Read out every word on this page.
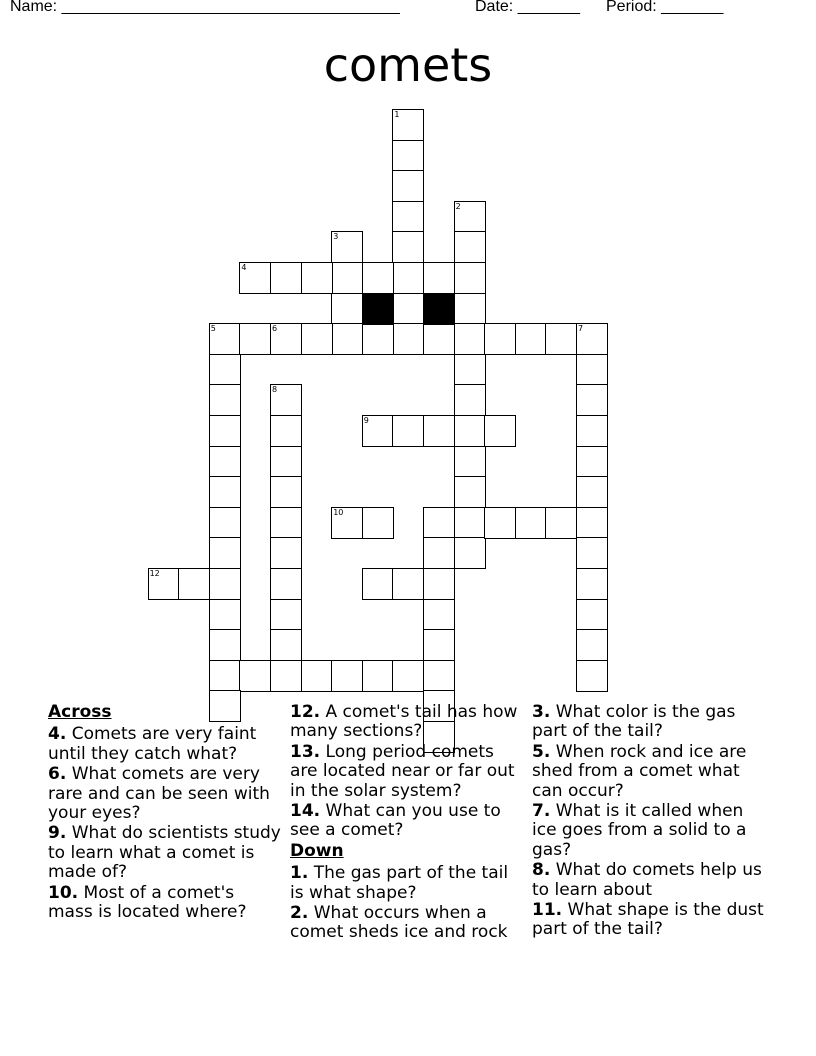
Name: ______________________________________	Date: _______ Period: _______
comets
1
2
3
4
5	6	7
8
9
10
12
Across
4. Comets are very faint until they catch what?
6. What comets are very rare and can be seen with your eyes?
9. What do scientists study to learn what a comet is made of?
10. Most of a comet's mass is located where?
12. A comet's tail has how many sections?
13. Long period comets are located near or far out in the solar system?
14. What can you use to see a comet?
Down
1. The gas part of the tail is what shape?
2. What occurs when a comet sheds ice and rock
3. What color is the gas part of the tail?
5. When rock and ice are shed from a comet what can occur?
7. What is it called when ice goes from a solid to a gas?
8. What do comets help us to learn about
11. What shape is the dust part of the tail?
